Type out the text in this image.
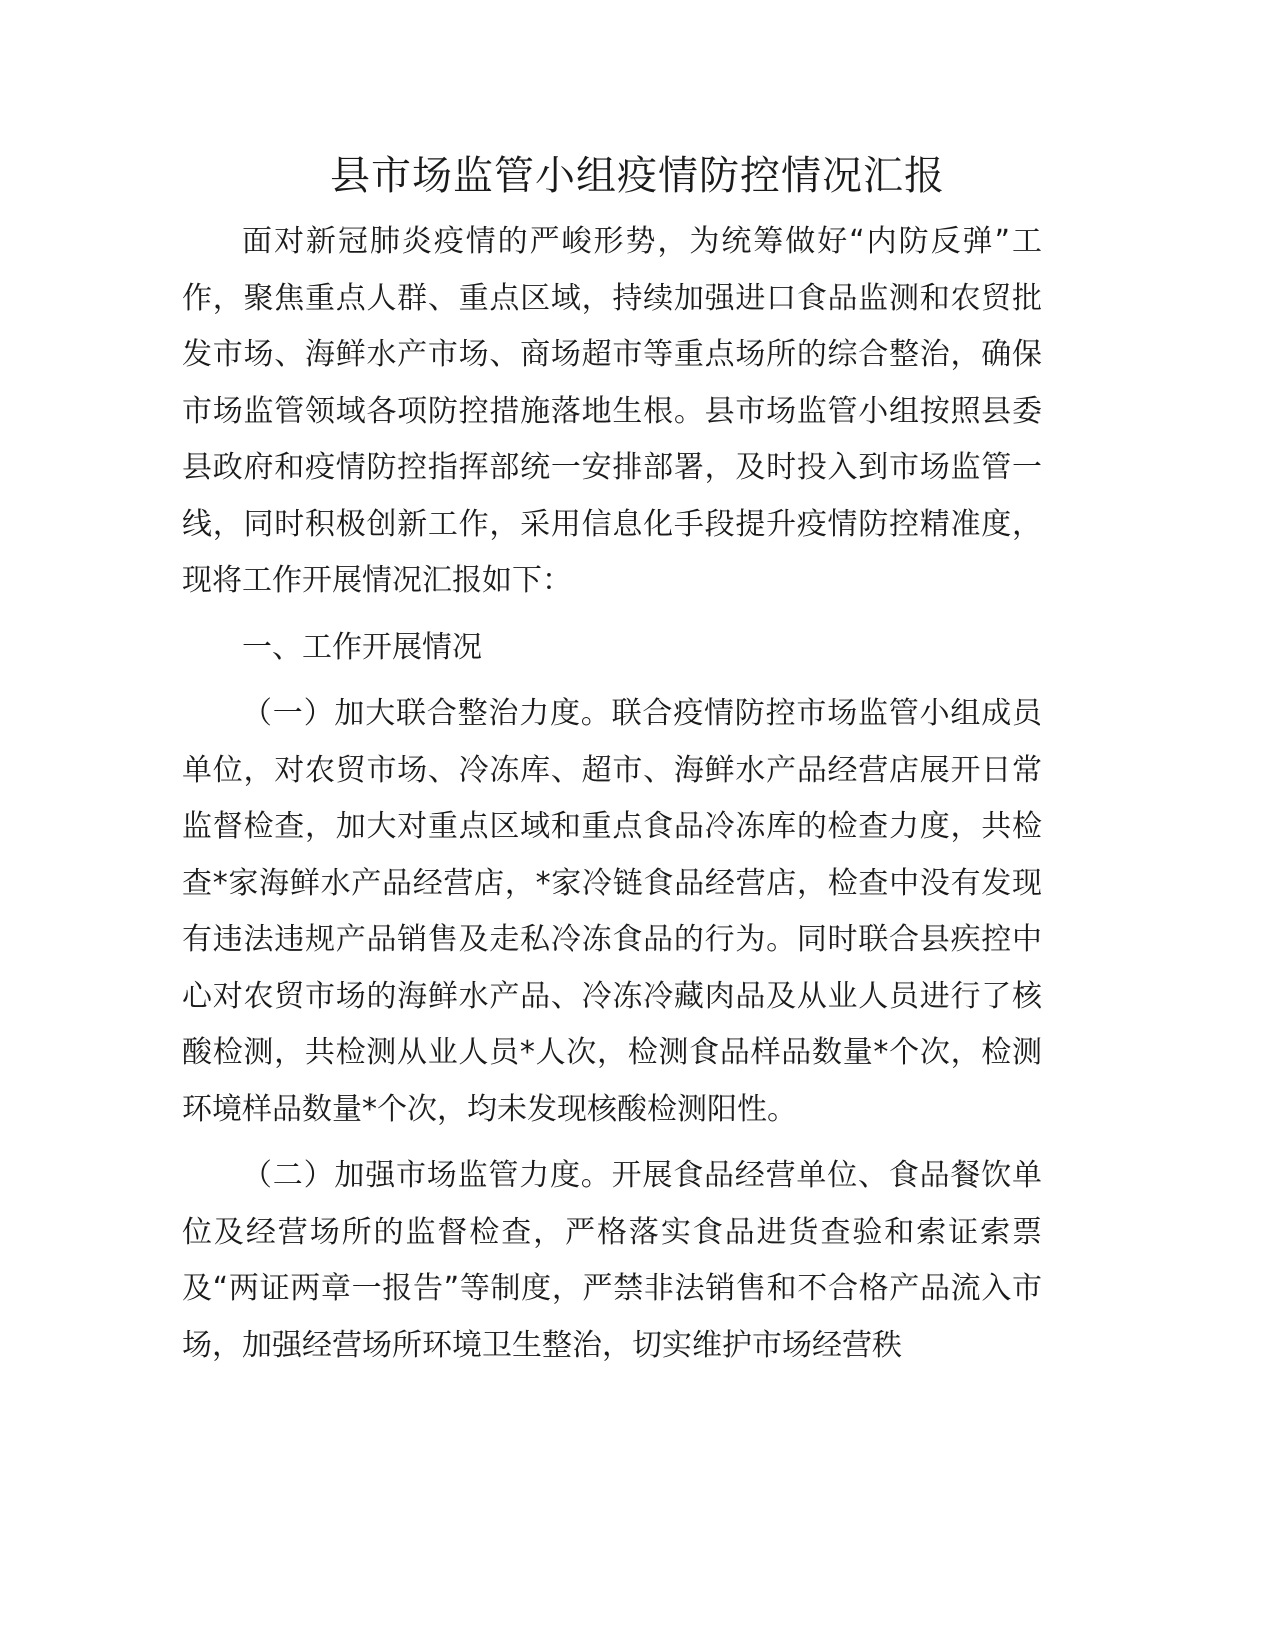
县市场监管小组疫情防控情况汇报

面对新冠肺炎疫情的严峻形势，为统筹做好“内防反弹”工作，聚焦重点人群、重点区域，持续加强进口食品监测和农贸批发市场、海鲜水产市场、商场超市等重点场所的综合整治，确保市场监管领域各项防控措施落地生根。县市场监管小组按照县委县政府和疫情防控指挥部统一安排部署，及时投入到市场监管一线，同时积极创新工作，采用信息化手段提升疫情防控精准度，现将工作开展情况汇报如下：

一、工作开展情况

（一）加大联合整治力度。联合疫情防控市场监管小组成员单位，对农贸市场、冷冻库、超市、海鲜水产品经营店展开日常监督检查，加大对重点区域和重点食品冷冻库的检查力度，共检查*家海鲜水产品经营店，*家冷链食品经营店，检查中没有发现有违法违规产品销售及走私冷冻食品的行为。同时联合县疾控中心对农贸市场的海鲜水产品、冷冻冷藏肉品及从业人员进行了核酸检测，共检测从业人员*人次，检测食品样品数量*个次，检测环境样品数量*个次，均未发现核酸检测阳性。

（二）加强市场监管力度。开展食品经营单位、食品餐饮单位及经营场所的监督检查，严格落实食品进货查验和索证索票及“两证两章一报告”等制度，严禁非法销售和不合格产品流入市场，加强经营场所环境卫生整治，切实维护市场经营秩
